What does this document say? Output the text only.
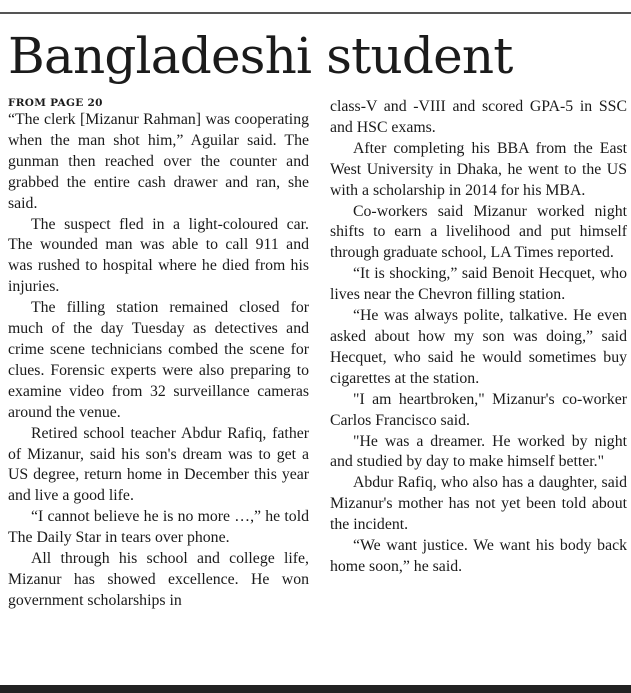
Bangladeshi student

FROM PAGE 20

“The clerk [Mizanur Rahman] was cooperating when the man shot him,” Aguilar said. The gunman then reached over the counter and grabbed the entire cash drawer and ran, she said.

The suspect fled in a light-coloured car. The wounded man was able to call 911 and was rushed to hospital where he died from his injuries.

The filling station remained closed for much of the day Tuesday as detectives and crime scene technicians combed the scene for clues. Forensic experts were also preparing to examine video from 32 surveillance cameras around the venue.

Retired school teacher Abdur Rafiq, father of Mizanur, said his son's dream was to get a US degree, return home in December this year and live a good life.

“I cannot believe he is no more …,” he told The Daily Star in tears over phone.

All through his school and college life, Mizanur has showed excellence. He won government scholarships in

class-V and -VIII and scored GPA-5 in SSC and HSC exams.

After completing his BBA from the East West University in Dhaka, he went to the US with a scholarship in 2014 for his MBA.

Co-workers said Mizanur worked night shifts to earn a livelihood and put himself through graduate school, LA Times reported.

“It is shocking,” said Benoit Hecquet, who lives near the Chevron filling station.

“He was always polite, talkative. He even asked about how my son was doing,” said Hecquet, who said he would sometimes buy cigarettes at the station.

"I am heartbroken," Mizanur's co-worker Carlos Francisco said.

"He was a dreamer. He worked by night and studied by day to make himself better."

Abdur Rafiq, who also has a daughter, said Mizanur's mother has not yet been told about the incident.

“We want justice. We want his body back home soon,” he said.
